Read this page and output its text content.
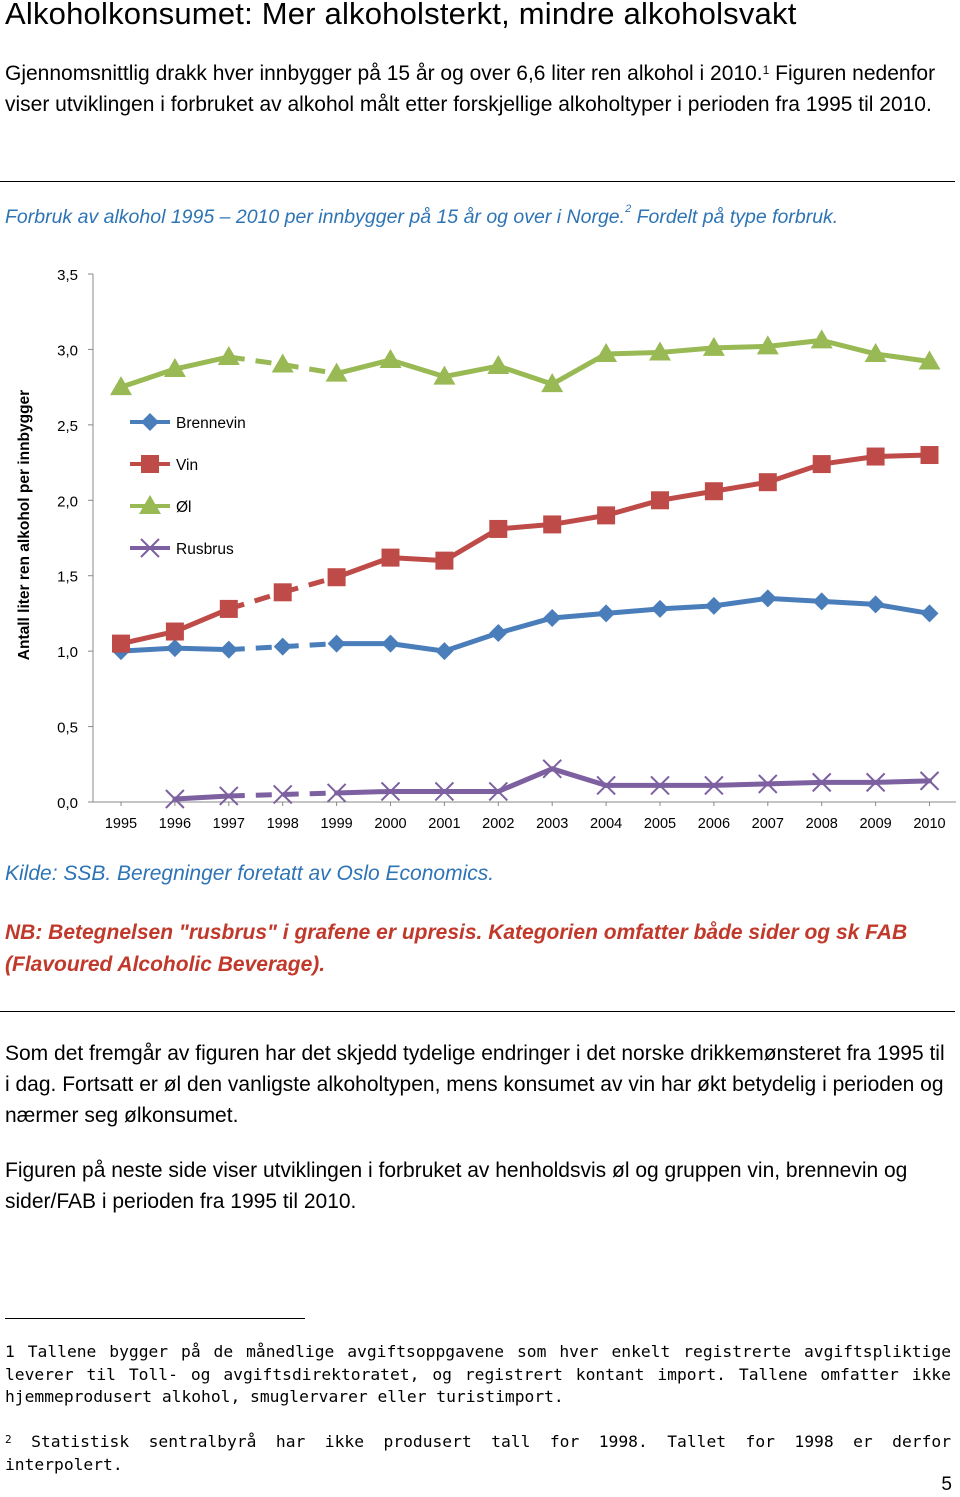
Alkoholkonsumet: Mer alkoholsterkt, mindre alkoholsvakt
Gjennomsnittlig drakk hver innbygger på 15 år og over 6,6 liter ren alkohol i 2010.$^1$ Figuren nedenfor viser utviklingen i forbruket av alkohol målt etter forskjellige alkoholtyper i perioden fra 1995 til 2010.
Forbruk av alkohol 1995 – 2010 per innbygger på 15 år og over i Norge.$^2$ Fordelt på type forbruk.
0,0
0,5
1,0
1,5
2,0
2,5
3,0
3,5
1995 1996 1997 1998 1999 2000 2001 2002 2003 2004 2005 2006 2007 2008 2009 2010
Antall liter ren alkohol per innbygger	Brennevin
Vin
Øl
Rusbrus
Kilde: SSB. Beregninger foretatt av Oslo Economics.
NB: Betegnelsen "rusbrus" i grafene er upresis. Kategorien omfatter både sider og sk FAB (Flavoured Alcoholic Beverage).
Som det fremgår av figuren har det skjedd tydelige endringer i det norske drikkemønsteret fra 1995 til i dag. Fortsatt er øl den vanligste alkoholtypen, mens konsumet av vin har økt betydelig i perioden og nærmer seg ølkonsumet.
Figuren på neste side viser utviklingen i forbruket av henholdsvis øl og gruppen vin, brennevin og sider/FAB i perioden fra 1995 til 2010.
1 Tallene bygger på de månedlige avgiftsoppgavene som hver enkelt registrerte avgiftspliktige leverer til Toll- og avgiftsdirektoratet, og registrert kontant import. Tallene omfatter ikke hjemmeprodusert alkohol, smuglervarer eller turistimport.
$^2$ Statistisk sentralbyrå har ikke produsert tall for 1998. Tallet for 1998 er derfor interpolert.
5
